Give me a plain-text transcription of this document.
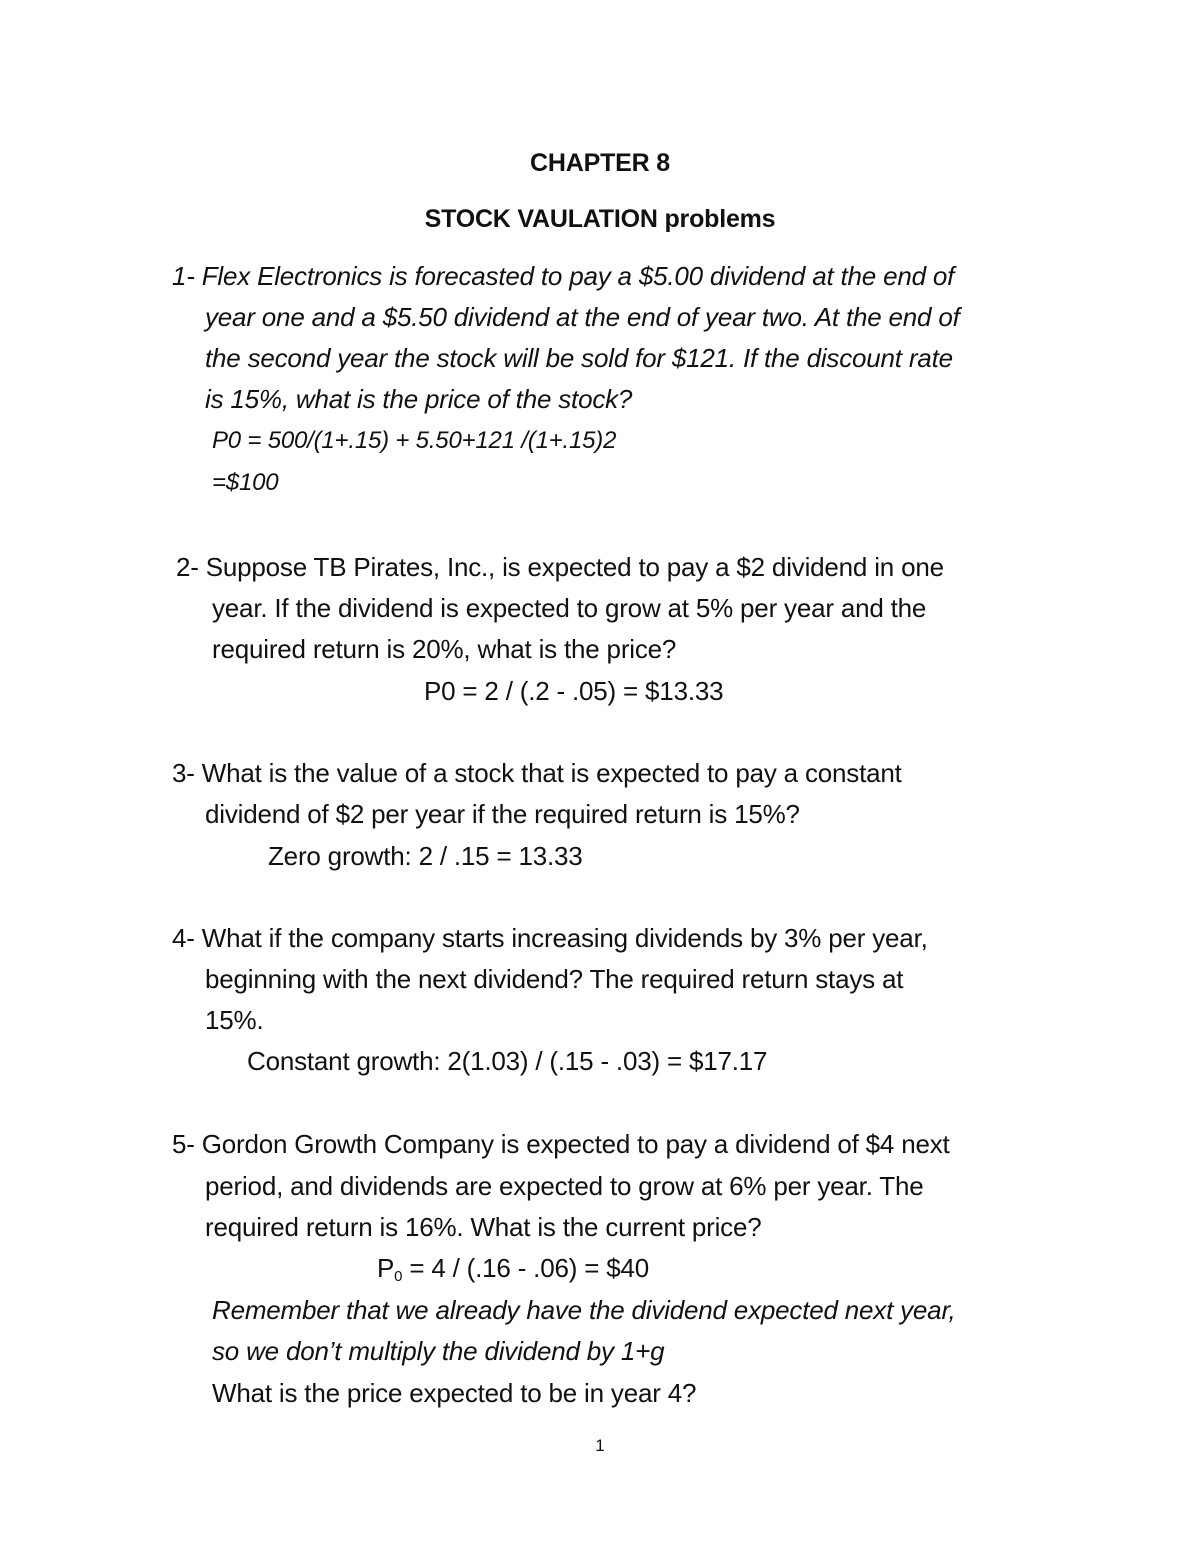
CHAPTER 8
STOCK VAULATION problems
1- Flex Electronics is forecasted to pay a $5.00 dividend at the end of
year one and a $5.50 dividend at the end of year two. At the end of
the second year the stock will be sold for $121. If the discount rate
is 15%, what is the price of the stock?
P0 = 500/(1+.15) + 5.50+121 /(1+.15)2
=$100
2- Suppose TB Pirates, Inc., is expected to pay a $2 dividend in one
year. If the dividend is expected to grow at 5% per year and the
required return is 20%, what is the price?
P0 = 2 / (.2 - .05) = $13.33
3- What is the value of a stock that is expected to pay a constant
dividend of $2 per year if the required return is 15%?
Zero growth: 2 / .15 = 13.33
4- What if the company starts increasing dividends by 3% per year,
beginning with the next dividend? The required return stays at
15%.
Constant growth: 2(1.03) / (.15 - .03) = $17.17
5- Gordon Growth Company is expected to pay a dividend of $4 next
period, and dividends are expected to grow at 6% per year. The
required return is 16%. What is the current price?
P0 = 4 / (.16 - .06) = $40
Remember that we already have the dividend expected next year,
so we don’t multiply the dividend by 1+g
What is the price expected to be in year 4?
1
